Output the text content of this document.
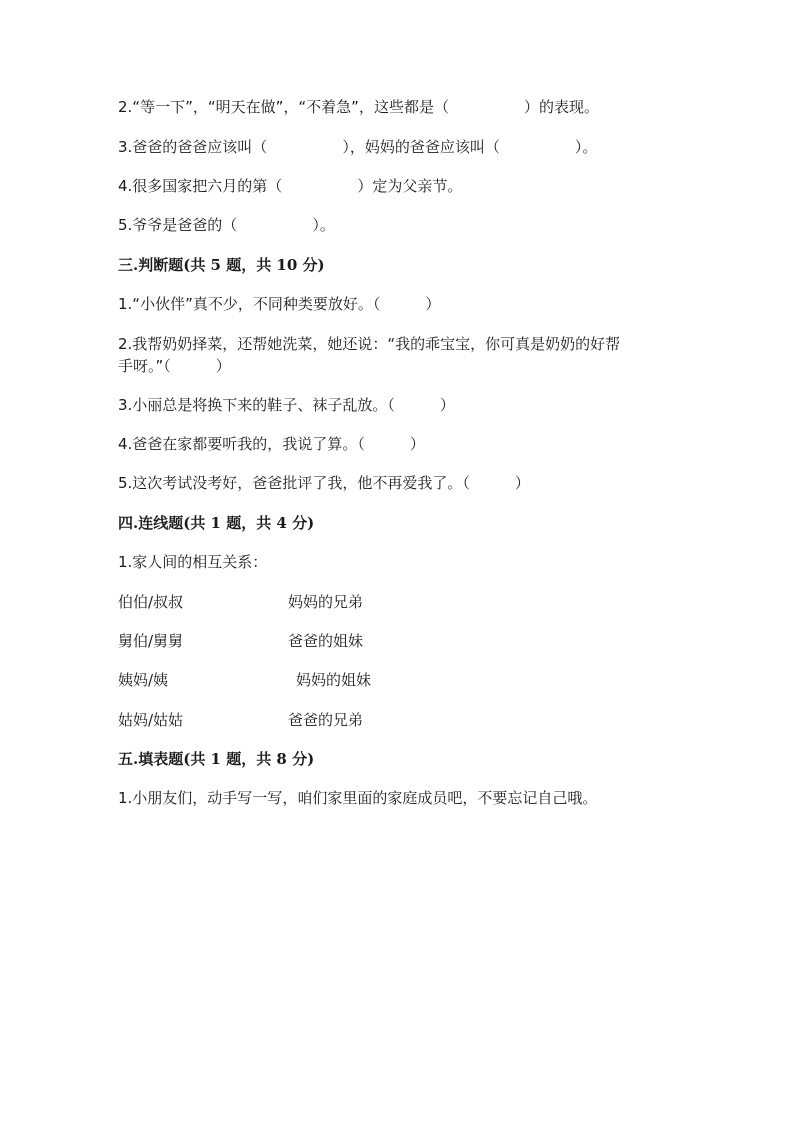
2.“等一下”，“明天在做”，“不着急”，这些都是（　　　　　）的表现。
3.爸爸的爸爸应该叫（　　　　　），妈妈的爸爸应该叫（　　　　　）。
4.很多国家把六月的第（　　　　　）定为父亲节。
5.爷爷是爸爸的（　　　　　）。
三.判断题(共 5 题，共 10 分)
1.“小伙伴”真不少，不同种类要放好。（　　　）
2.我帮奶奶择菜，还帮她洗菜，她还说：“我的乖宝宝，你可真是奶奶的好帮
手呀。”（　　　）
3.小丽总是将换下来的鞋子、袜子乱放。（　　　）
4.爸爸在家都要听我的，我说了算。（　　　）
5.这次考试没考好，爸爸批评了我，他不再爱我了。（　　　）
四.连线题(共 1 题，共 4 分)
1.家人间的相互关系：
伯伯/叔叔	妈妈的兄弟
舅伯/舅舅	爸爸的姐妹
姨妈/姨	妈妈的姐妹
姑妈/姑姑	爸爸的兄弟
五.填表题(共 1 题，共 8 分)
1.小朋友们，动手写一写，咱们家里面的家庭成员吧，不要忘记自己哦。
